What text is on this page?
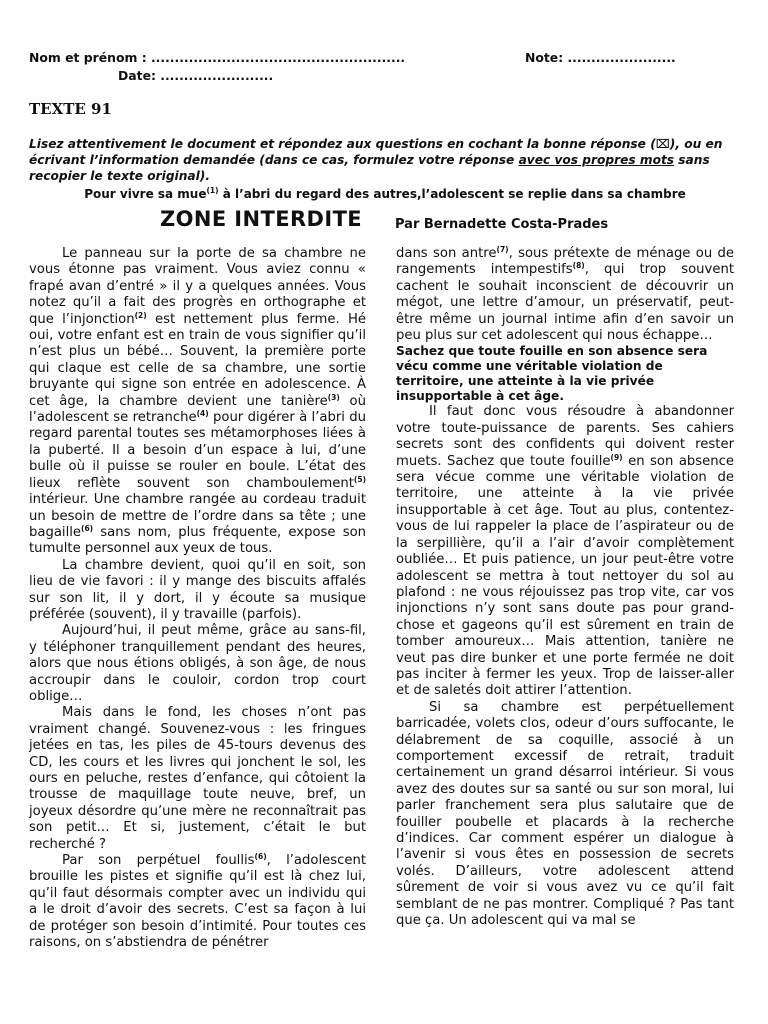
Nom et prénom : ......................................................	Note: .......................
Date: ........................
TEXTE 91
Lisez attentivement le document et répondez aux questions en cochant la bonne réponse (⌧), ou en écrivant l’information demandée (dans ce cas, formulez votre réponse avec vos propres mots sans recopier le texte original).
Pour vivre sa mue$^{(1)}$ à l’abri du regard des autres,l’adolescent se replie dans sa chambre
ZONE INTERDITE	Par Bernadette Costa-Prades

Le panneau sur la porte de sa chambre ne vous étonne pas vraiment. Vous aviez connu « frapé avan d’entré » il y a quelques années. Vous notez qu’il a fait des progrès en orthographe et que l’injonction$^{(2)}$ est nettement plus ferme. Hé oui, votre enfant est en train de vous signifier qu’il n’est plus un bébé… Souvent, la première porte qui claque est celle de sa chambre, une sortie bruyante qui signe son entrée en adolescence. À cet âge, la chambre devient une tanière$^{(3)}$ où l’adolescent se retranche$^{(4)}$ pour digérer à l’abri du regard parental toutes ses métamorphoses liées à la puberté. Il a besoin d’un espace à lui, d’une bulle où il puisse se rouler en boule. L’état des lieux reflète souvent son chamboulement$^{(5)}$ intérieur. Une chambre rangée au cordeau traduit un besoin de mettre de l’ordre dans sa tête ; une bagaille$^{(6)}$ sans nom, plus fréquente, expose son tumulte personnel aux yeux de tous.

La chambre devient, quoi qu’il en soit, son lieu de vie favori : il y mange des biscuits affalés sur son lit, il y dort, il y écoute sa musique préférée (souvent), il y travaille (parfois).

Aujourd’hui, il peut même, grâce au sans-fil, y téléphoner tranquillement pendant des heures, alors que nous étions obligés, à son âge, de nous accroupir dans le couloir, cordon trop court oblige…

Mais dans le fond, les choses n’ont pas vraiment changé. Souvenez-vous : les fringues jetées en tas, les piles de 45-tours devenus des CD, les cours et les livres qui jonchent le sol, les ours en peluche, restes d’enfance, qui côtoient la trousse de maquillage toute neuve, bref, un joyeux désordre qu’une mère ne reconnaîtrait pas son petit… Et si, justement, c’était le but recherché ?

Par son perpétuel foullis$^{(6)}$, l’adolescent brouille les pistes et signifie qu’il est là chez lui, qu’il faut désormais compter avec un individu qui a le droit d’avoir des secrets. C’est sa façon à lui de protéger son besoin d’intimité. Pour toutes ces raisons, on s’abstiendra de pénétrer

dans son antre$^{(7)}$, sous prétexte de ménage ou de rangements intempestifs$^{(8)}$, qui trop souvent cachent le souhait inconscient de découvrir un mégot, une lettre d’amour, un préservatif, peut-être même un journal intime afin d’en savoir un peu plus sur cet adolescent qui nous échappe…

Sachez que toute fouille en son absence sera vécu comme une véritable violation de territoire, une atteinte à la vie privée insupportable à cet âge.

Il faut donc vous résoudre à abandonner votre toute-puissance de parents. Ses cahiers secrets sont des confidents qui doivent rester muets. Sachez que toute fouille$^{(9)}$ en son absence sera vécue comme une véritable violation de territoire, une atteinte à la vie privée insupportable à cet âge. Tout au plus, contentez-vous de lui rappeler la place de l’aspirateur ou de la serpillière, qu’il a l’air d’avoir complètement oubliée… Et puis patience, un jour peut-être votre adolescent se mettra à tout nettoyer du sol au plafond : ne vous réjouissez pas trop vite, car vos injonctions n’y sont sans doute pas pour grand-chose et gageons qu’il est sûrement en train de tomber amoureux… Mais attention, tanière ne veut pas dire bunker et une porte fermée ne doit pas inciter à fermer les yeux. Trop de laisser-aller et de saletés doit attirer l’attention.

Si sa chambre est perpétuellement barricadée, volets clos, odeur d’ours suffocante, le délabrement de sa coquille, associé à un comportement excessif de retrait, traduit certainement un grand désarroi intérieur. Si vous avez des doutes sur sa santé ou sur son moral, lui parler franchement sera plus salutaire que de fouiller poubelle et placards à la recherche d’indices. Car comment espérer un dialogue à l’avenir si vous êtes en possession de secrets volés. D’ailleurs, votre adolescent attend sûrement de voir si vous avez vu ce qu’il fait semblant de ne pas montrer. Compliqué ? Pas tant que ça. Un adolescent qui va mal se
